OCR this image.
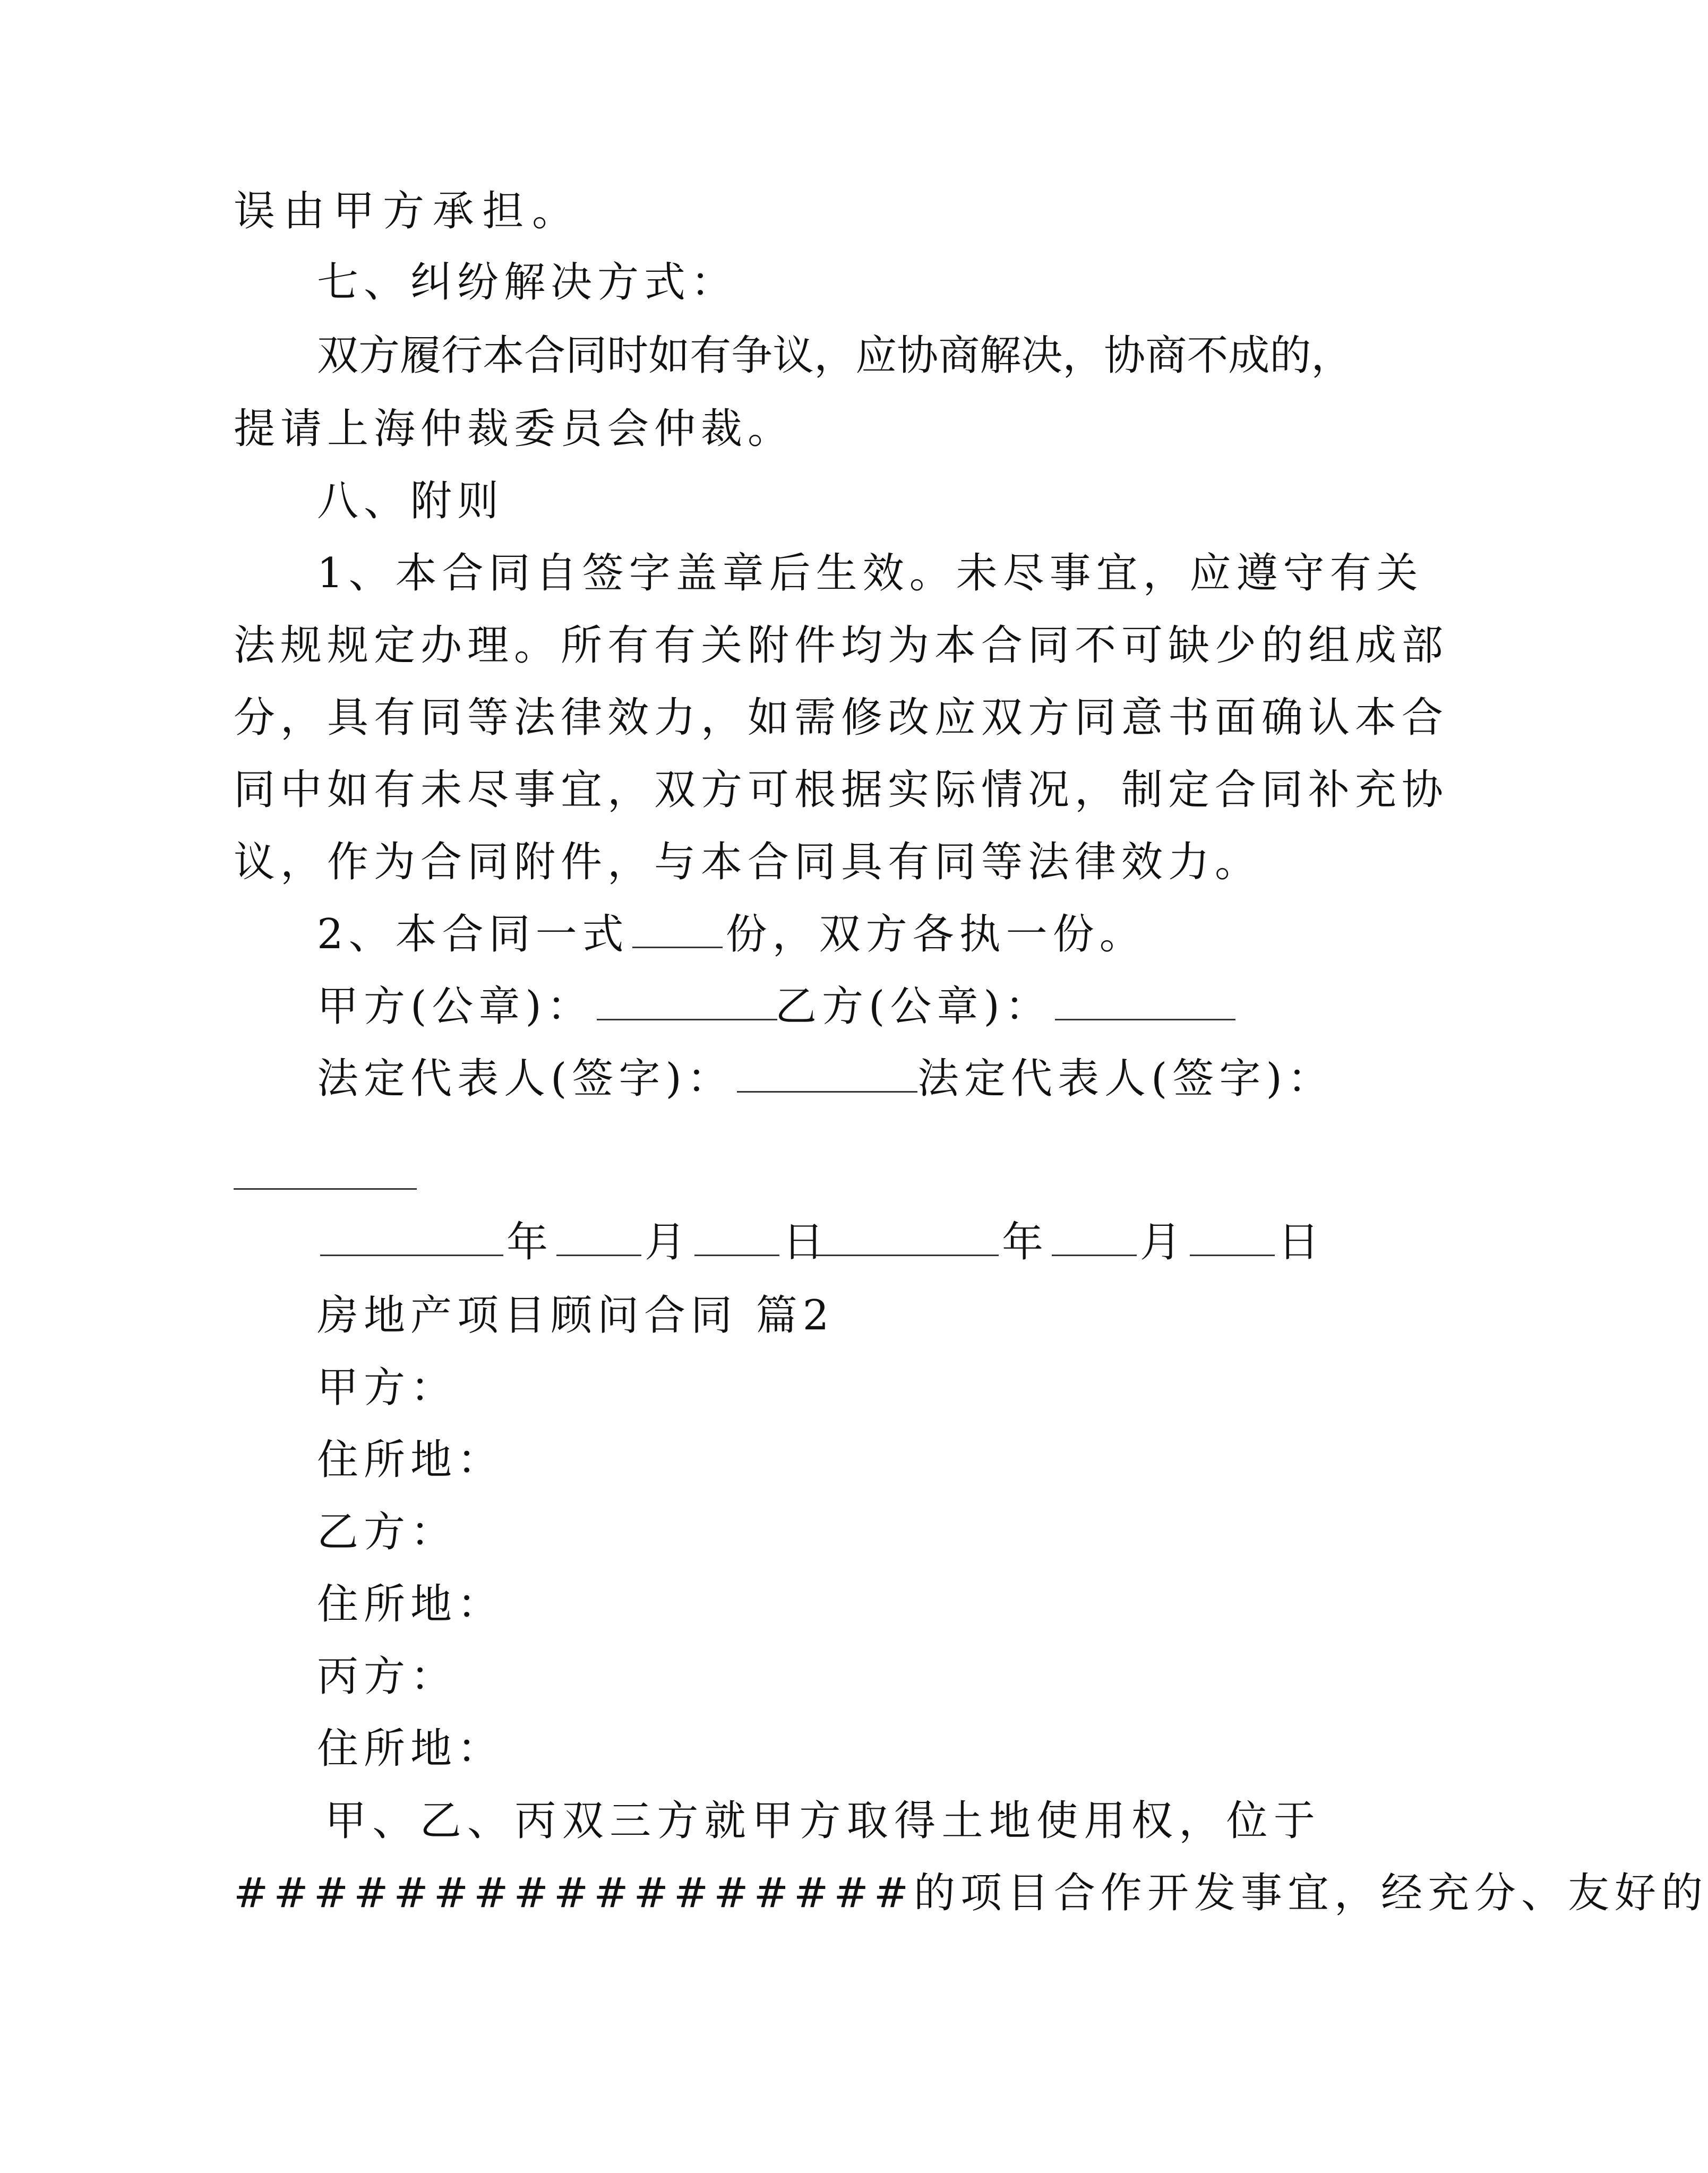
误 由 甲 方 承 担 。
七、纠纷解决方式：
双 方 履 行 本 合 同 时 如 有 争 议 ， 应 协 商 解 决 ， 协 商 不 成 的 ，
提请上海仲裁委员会仲裁。
八、附则
1、本合同自签字盖章后生效。未尽事宜，应遵守有关
法规规定办理。所有有关附件均为本合同不可缺少的组成部
分，具有同等法律效力，如需修改应双方同意书面确认本合
同中如有未尽事宜，双方可根据实际情况，制定合同补充协
议，作为合同附件，与本合同具有同等法律效力。
2、本合同一式 份，双方各执一份。
甲方(公章)：	乙方(公章)：
法定代表人(签字)：	法定代表人(签字)：
年 月 日	年 月 日
房地产项目顾问合同 篇2
甲方：
住所地：
乙方：
住所地：
丙方：
住所地：
甲 、 乙 、 丙 双 三 方 就 甲 方 取 得 土 地 使 用 权 ， 位 于
#################的项目合作开发事宜，经充分、友好的
